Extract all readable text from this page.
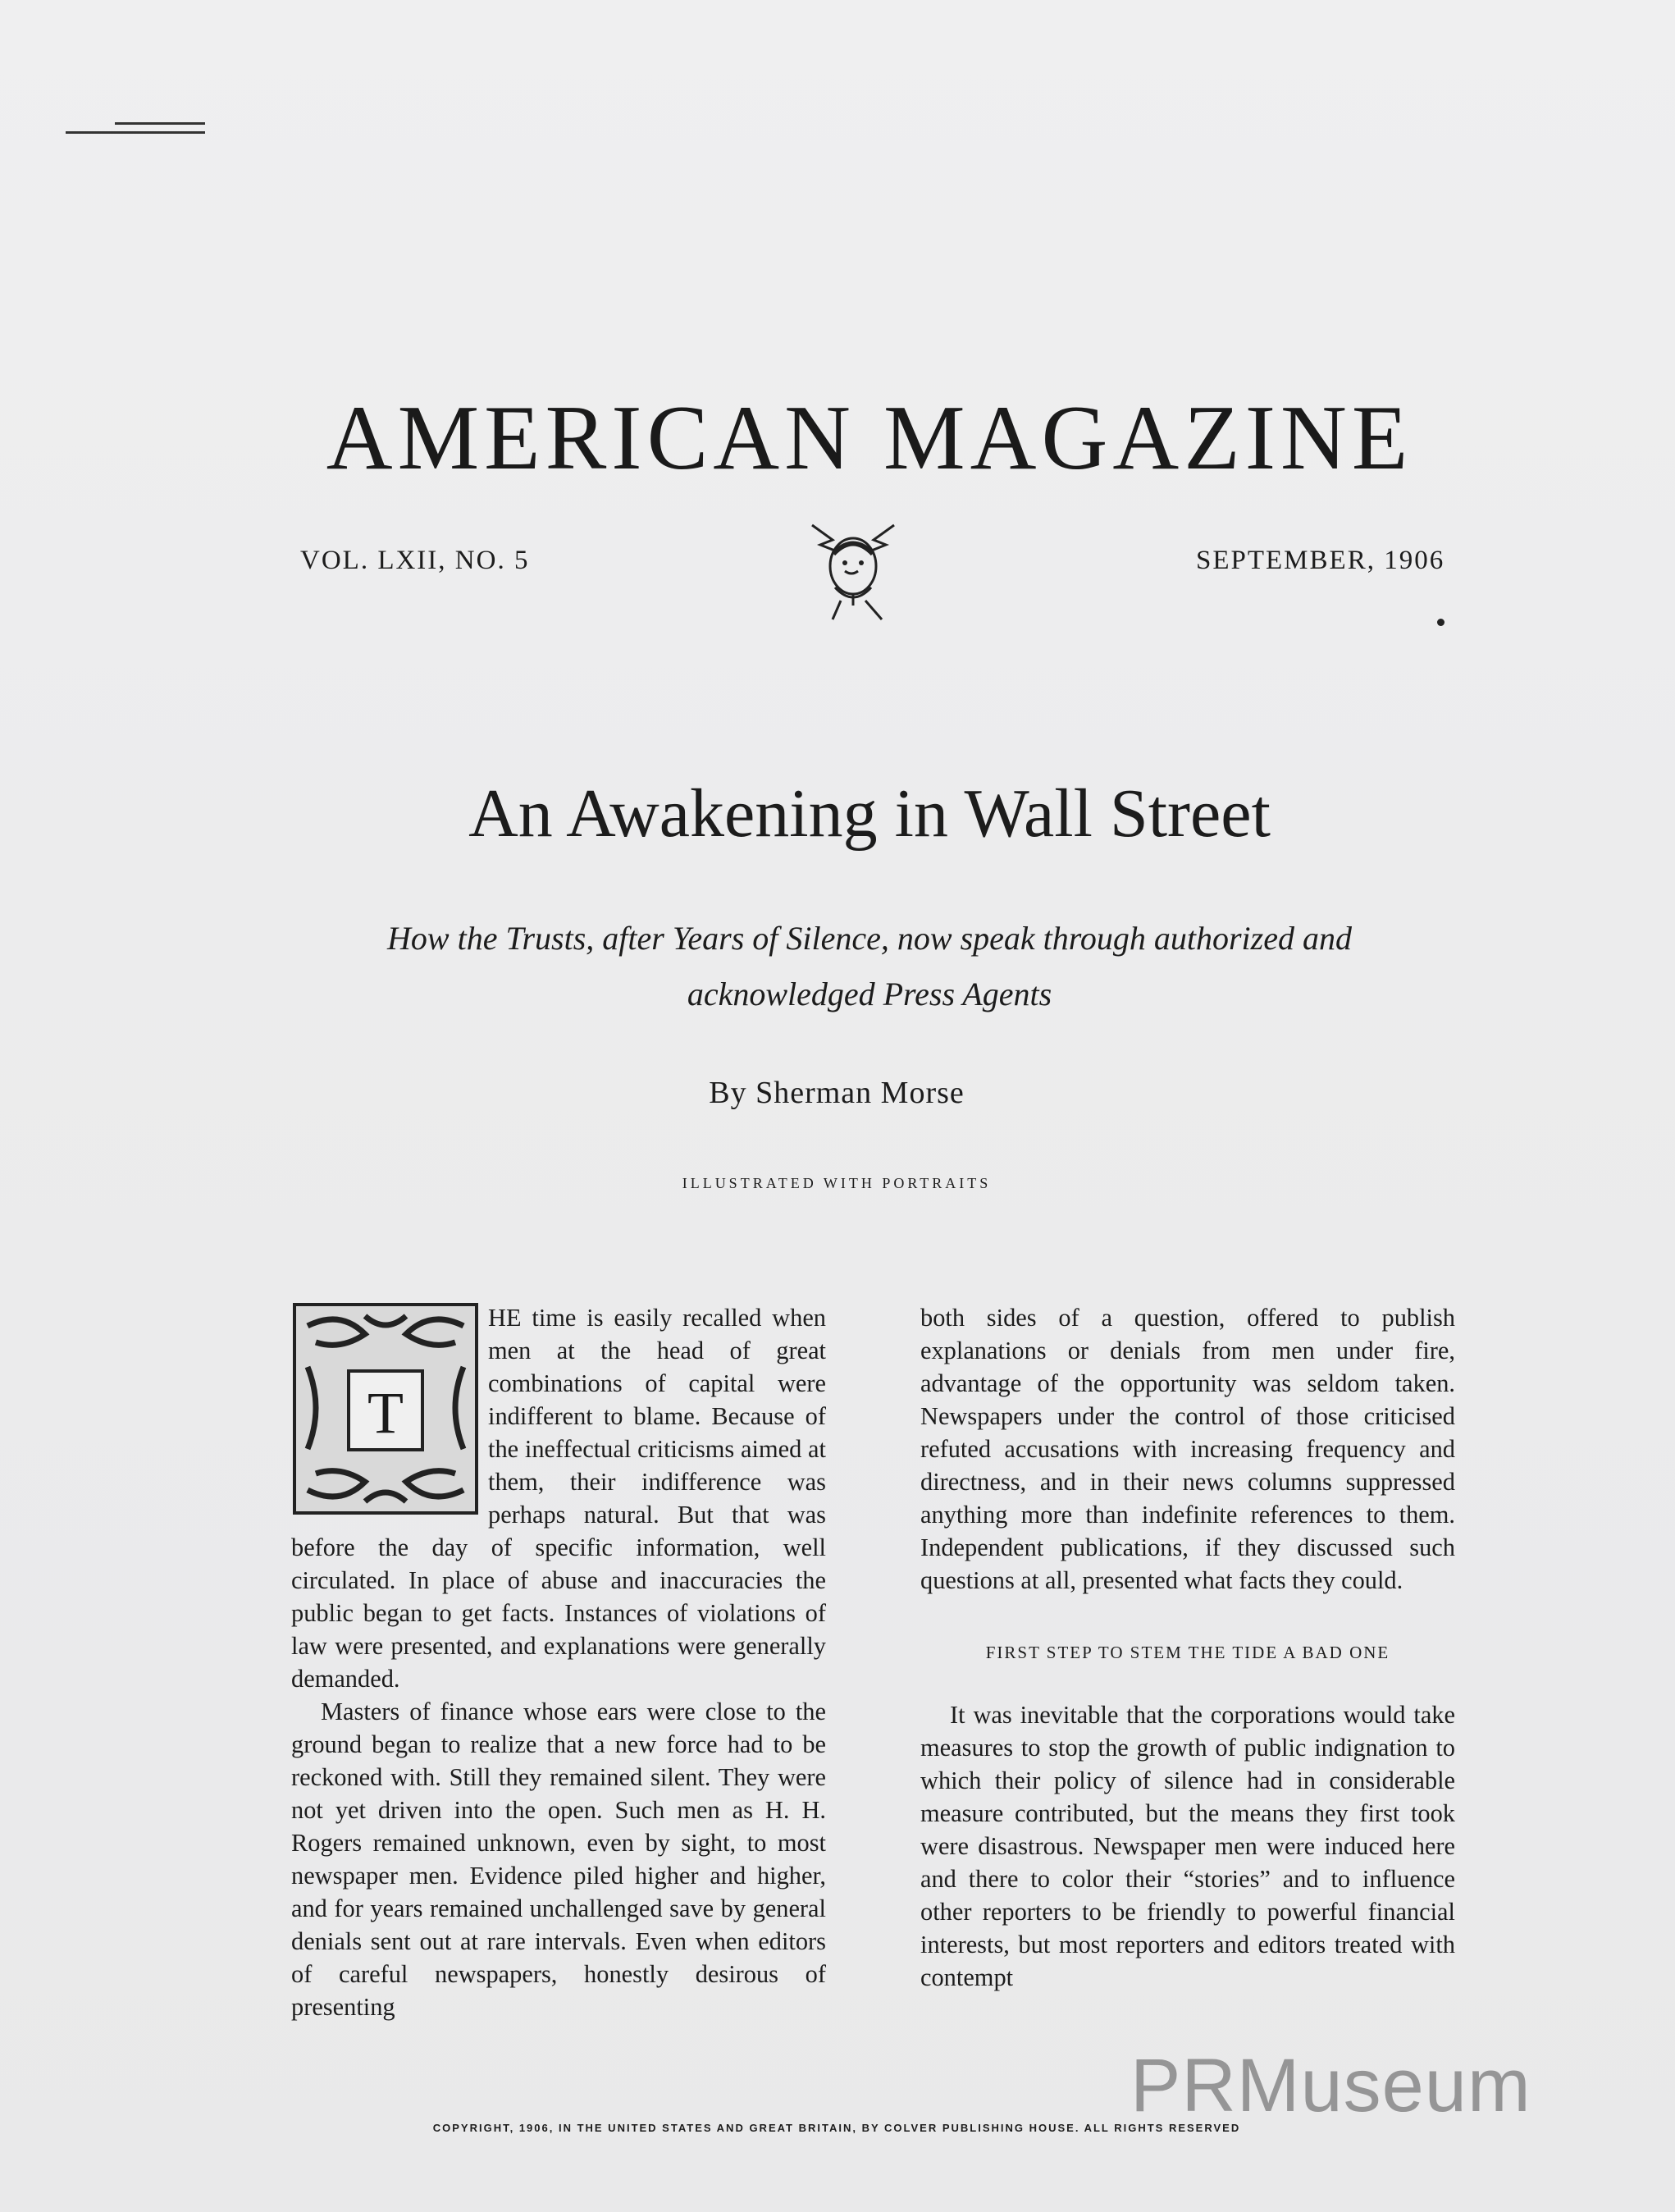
AMERICAN MAGAZINE
VOL. LXII, NO. 5	SEPTEMBER, 1906
An Awakening in Wall Street
How the Trusts, after Years of Silence, now speak through authorized and acknowledged Press Agents
By Sherman Morse
ILLUSTRATED WITH PORTRAITS
T

HE time is easily recalled when men at the head of great combinations of capital were indifferent to blame. Because of the ineffectual criticisms aimed at them, their indifference was perhaps natural. But that was before the day of specific information, well circulated. In place of abuse and inaccuracies the public began to get facts. Instances of violations of law were presented, and explanations were generally demanded.

Masters of finance whose ears were close to the ground began to realize that a new force had to be reckoned with. Still they remained silent. They were not yet driven into the open. Such men as H. H. Rogers remained unknown, even by sight, to most newspaper men. Evidence piled higher and higher, and for years remained unchallenged save by general denials sent out at rare intervals. Even when editors of careful newspapers, honestly desirous of presenting

both sides of a question, offered to publish explanations or denials from men under fire, advantage of the opportunity was seldom taken. Newspapers under the control of those criticised refuted accusations with increasing frequency and directness, and in their news columns suppressed anything more than indefinite references to them. Independent publications, if they discussed such questions at all, presented what facts they could.

FIRST STEP TO STEM THE TIDE A BAD ONE

It was inevitable that the corporations would take measures to stop the growth of public indignation to which their policy of silence had in considerable measure contributed, but the means they first took were disastrous. Newspaper men were induced here and there to color their “stories” and to influence other reporters to be friendly to powerful financial interests, but most reporters and editors treated with contempt

COPYRIGHT, 1906, IN THE UNITED STATES AND GREAT BRITAIN, BY COLVER PUBLISHING HOUSE. ALL RIGHTS RESERVED
PRMuseum
